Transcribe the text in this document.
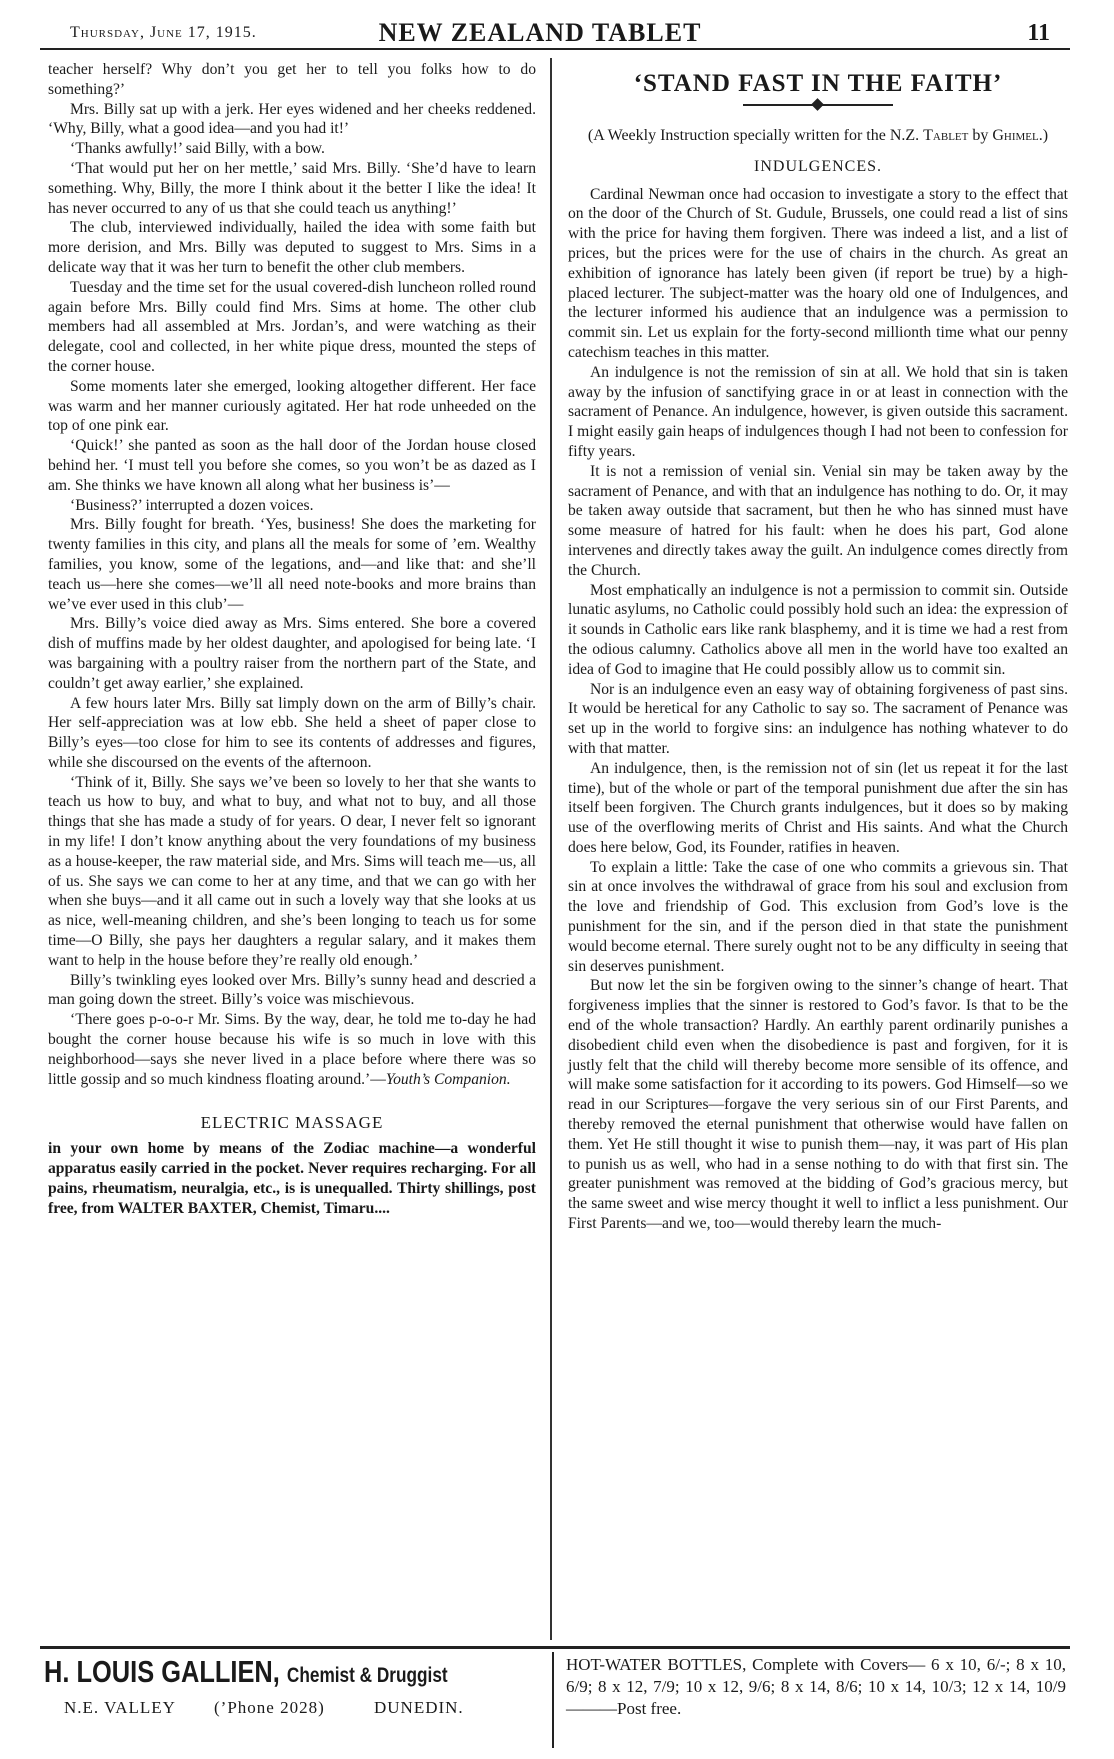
Thursday, June 17, 1915.	NEW ZEALAND TABLET	11

teacher herself? Why don’t you get her to tell you folks how to do something?’

Mrs. Billy sat up with a jerk. Her eyes widened and her cheeks reddened. ‘Why, Billy, what a good idea—and you had it!’

‘Thanks awfully!’ said Billy, with a bow.

‘That would put her on her mettle,’ said Mrs. Billy. ‘She’d have to learn something. Why, Billy, the more I think about it the better I like the idea! It has never occurred to any of us that she could teach us anything!’

The club, interviewed individually, hailed the idea with some faith but more derision, and Mrs. Billy was deputed to suggest to Mrs. Sims in a delicate way that it was her turn to benefit the other club members.

Tuesday and the time set for the usual covered-dish luncheon rolled round again before Mrs. Billy could find Mrs. Sims at home. The other club members had all assembled at Mrs. Jordan’s, and were watching as their delegate, cool and collected, in her white pique dress, mounted the steps of the corner house.

Some moments later she emerged, looking altogether different. Her face was warm and her manner curiously agitated. Her hat rode unheeded on the top of one pink ear.

‘Quick!’ she panted as soon as the hall door of the Jordan house closed behind her. ‘I must tell you before she comes, so you won’t be as dazed as I am. She thinks we have known all along what her business is’—

‘Business?’ interrupted a dozen voices.

Mrs. Billy fought for breath. ‘Yes, business! She does the marketing for twenty families in this city, and plans all the meals for some of ’em. Wealthy families, you know, some of the legations, and—and like that: and she’ll teach us—here she comes—we’ll all need note-books and more brains than we’ve ever used in this club’—

Mrs. Billy’s voice died away as Mrs. Sims entered. She bore a covered dish of muffins made by her oldest daughter, and apologised for being late. ‘I was bargaining with a poultry raiser from the northern part of the State, and couldn’t get away earlier,’ she explained.

A few hours later Mrs. Billy sat limply down on the arm of Billy’s chair. Her self-appreciation was at low ebb. She held a sheet of paper close to Billy’s eyes—too close for him to see its contents of addresses and figures, while she discoursed on the events of the afternoon.

‘Think of it, Billy. She says we’ve been so lovely to her that she wants to teach us how to buy, and what to buy, and what not to buy, and all those things that she has made a study of for years. O dear, I never felt so ignorant in my life! I don’t know anything about the very foundations of my business as a house-keeper, the raw material side, and Mrs. Sims will teach me—us, all of us. She says we can come to her at any time, and that we can go with her when she buys—and it all came out in such a lovely way that she looks at us as nice, well-meaning children, and she’s been longing to teach us for some time—O Billy, she pays her daughters a regular salary, and it makes them want to help in the house before they’re really old enough.’

Billy’s twinkling eyes looked over Mrs. Billy’s sunny head and descried a man going down the street. Billy’s voice was mischievous.

‘There goes p-o-o-r Mr. Sims. By the way, dear, he told me to-day he had bought the corner house because his wife is so much in love with this neighborhood—says she never lived in a place before where there was so little gossip and so much kindness floating around.’—Youth’s Companion.

ELECTRIC MASSAGE

in your own home by means of the Zodiac machine—a wonderful apparatus easily carried in the pocket. Never requires recharging. For all pains, rheumatism, neuralgia, etc., is is unequalled. Thirty shillings, post free, from WALTER BAXTER, Chemist, Timaru....

‘STAND FAST IN THE FAITH’
(A Weekly Instruction specially written for the N.Z. Tablet by Ghimel.)
INDULGENCES.

Cardinal Newman once had occasion to investigate a story to the effect that on the door of the Church of St. Gudule, Brussels, one could read a list of sins with the price for having them forgiven. There was indeed a list, and a list of prices, but the prices were for the use of chairs in the church. As great an exhibition of ignorance has lately been given (if report be true) by a high-placed lecturer. The subject-matter was the hoary old one of Indulgences, and the lecturer informed his audience that an indulgence was a permission to commit sin. Let us explain for the forty-second millionth time what our penny catechism teaches in this matter.

An indulgence is not the remission of sin at all. We hold that sin is taken away by the infusion of sanctifying grace in or at least in connection with the sacrament of Penance. An indulgence, however, is given outside this sacrament. I might easily gain heaps of indulgences though I had not been to confession for fifty years.

It is not a remission of venial sin. Venial sin may be taken away by the sacrament of Penance, and with that an indulgence has nothing to do. Or, it may be taken away outside that sacrament, but then he who has sinned must have some measure of hatred for his fault: when he does his part, God alone intervenes and directly takes away the guilt. An indulgence comes directly from the Church.

Most emphatically an indulgence is not a permission to commit sin. Outside lunatic asylums, no Catholic could possibly hold such an idea: the expression of it sounds in Catholic ears like rank blasphemy, and it is time we had a rest from the odious calumny. Catholics above all men in the world have too exalted an idea of God to imagine that He could possibly allow us to commit sin.

Nor is an indulgence even an easy way of obtaining forgiveness of past sins. It would be heretical for any Catholic to say so. The sacrament of Penance was set up in the world to forgive sins: an indulgence has nothing whatever to do with that matter.

An indulgence, then, is the remission not of sin (let us repeat it for the last time), but of the whole or part of the temporal punishment due after the sin has itself been forgiven. The Church grants indulgences, but it does so by making use of the overflowing merits of Christ and His saints. And what the Church does here below, God, its Founder, ratifies in heaven.

To explain a little: Take the case of one who commits a grievous sin. That sin at once involves the withdrawal of grace from his soul and exclusion from the love and friendship of God. This exclusion from God’s love is the punishment for the sin, and if the person died in that state the punishment would become eternal. There surely ought not to be any difficulty in seeing that sin deserves punishment.

But now let the sin be forgiven owing to the sinner’s change of heart. That forgiveness implies that the sinner is restored to God’s favor. Is that to be the end of the whole transaction? Hardly. An earthly parent ordinarily punishes a disobedient child even when the disobedience is past and forgiven, for it is justly felt that the child will thereby become more sensible of its offence, and will make some satisfaction for it according to its powers. God Himself—so we read in our Scriptures—forgave the very serious sin of our First Parents, and thereby removed the eternal punishment that otherwise would have fallen on them. Yet He still thought it wise to punish them—nay, it was part of His plan to punish us as well, who had in a sense nothing to do with that first sin. The greater punishment was removed at the bidding of God’s gracious mercy, but the same sweet and wise mercy thought it well to inflict a less punishment. Our First Parents—and we, too—would thereby learn the much-

H. LOUIS GALLIEN, Chemist & Druggist
N.E. VALLEY (’Phone 2028)	DUNEDIN.

HOT-WATER BOTTLES, Complete with Covers— 6 x 10, 6/-; 8 x 10, 6/9; 8 x 12, 7/9; 10 x 12, 9/6; 8 x 14, 8/6; 10 x 14, 10/3; 12 x 14, 10/9———Post free.
